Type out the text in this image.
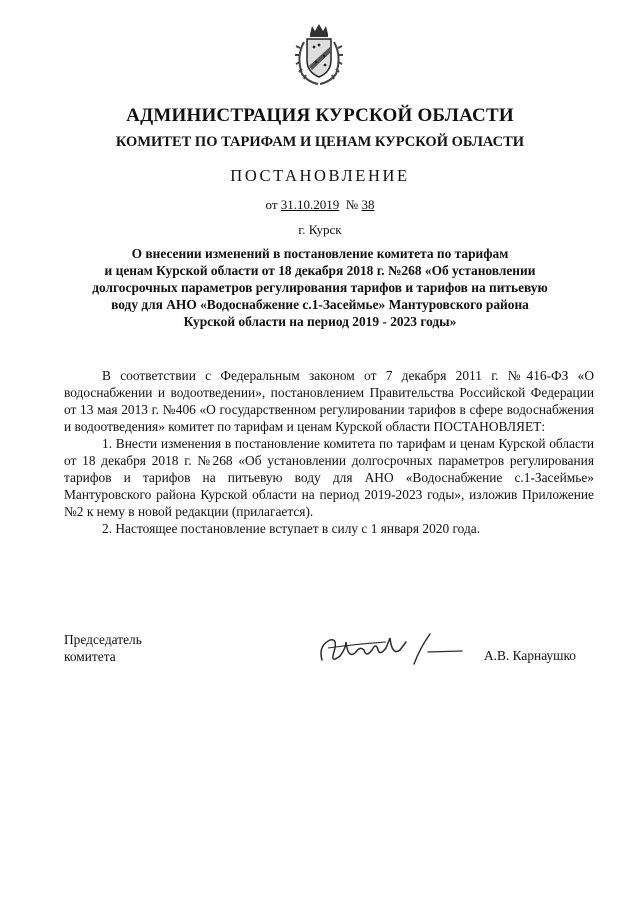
АДМИНИСТРАЦИЯ КУРСКОЙ ОБЛАСТИ
КОМИТЕТ ПО ТАРИФАМ И ЦЕНАМ КУРСКОЙ ОБЛАСТИ
ПОСТАНОВЛЕНИЕ
от 31.10.2019 № 38
г. Курск
О внесении изменений в постановление комитета по тарифам
и ценам Курской области от 18 декабря 2018 г. №268 «Об установлении
долгосрочных параметров регулирования тарифов и тарифов на питьевую
воду для АНО «Водоснабжение с.1-Засеймье» Мантуровского района
Курской области на период 2019 - 2023 годы»

В соответствии с Федеральным законом от 7 декабря 2011 г. №416-ФЗ «О водоснабжении и водоотведении», постановлением Правительства Российской Федерации от 13 мая 2013 г. №406 «О государственном регулировании тарифов в сфере водоснабжения и водоотведения» комитет по тарифам и ценам Курской области ПОСТАНОВЛЯЕТ:

1. Внести изменения в постановление комитета по тарифам и ценам Курской области от 18 декабря 2018 г. №268 «Об установлении долгосрочных параметров регулирования тарифов и тарифов на питьевую воду для АНО «Водоснабжение с.1-Засеймье» Мантуровского района Курской области на период 2019-2023 годы», изложив Приложение №2 к нему в новой редакции (прилагается).

2. Настоящее постановление вступает в силу с 1 января 2020 года.

Председатель
комитета	А.В. Карнаушко
